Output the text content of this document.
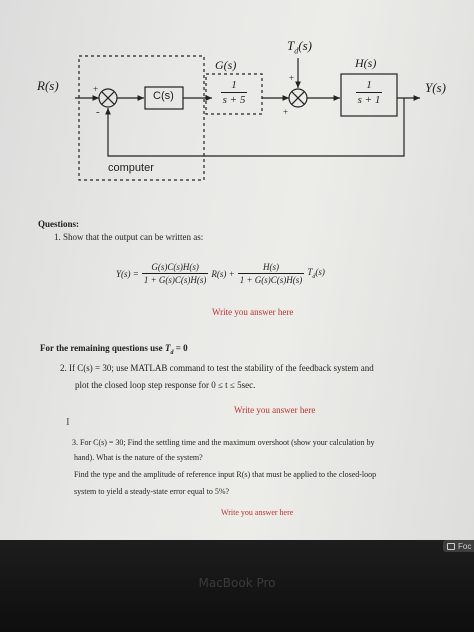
R(s)	+
-
C(s)
G(s)
$\frac{1}{s + 5}$
$T_d(s)$
+
+
H(s)
$\frac{1}{s + 1}$	Y(s)
computer
Questions:
1. Show that the output can be written as:
$Y(s) = \frac{G(s)C(s)H(s)}{1 + G(s)C(s)H(s)} R(s) + \frac{H(s)}{1 + G(s)C(s)H(s)} T_d(s)$
Write you answer here
For the remaining questions use $T_d = 0$
2. If C(s) = 30; use MATLAB command to test the stability of the feedback system and
plot the closed loop step response for 0 ≤ t ≤ 5sec.
Write you answer here
I
3. For C(s) = 30; Find the settling time and the maximum overshoot (show your calculation by
hand). What is the nature of the system?
Find the type and the amplitude of reference input R(s) that must be applied to the closed-loop
system to yield a steady-state error equal to 5%?
Write you answer here
Foc
MacBook Pro
